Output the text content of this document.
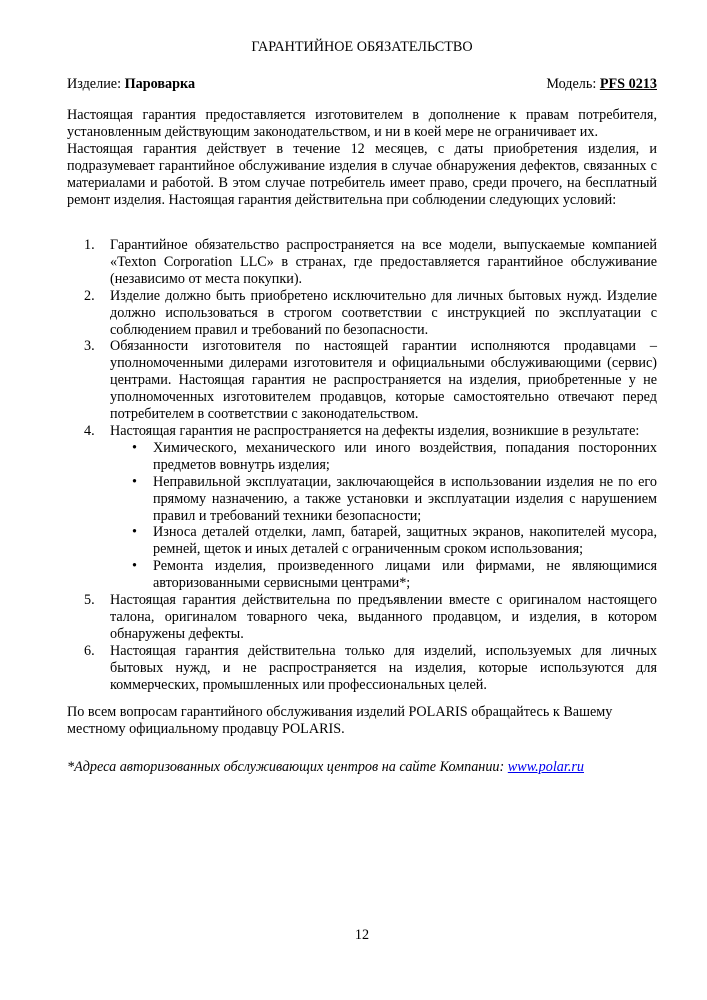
ГАРАНТИЙНОЕ ОБЯЗАТЕЛЬСТВО
Изделие: Пароварка	Модель: PFS 0213
Настоящая гарантия предоставляется изготовителем в дополнение к правам потребителя, установленным действующим законодательством, и ни в коей мере не ограничивает их.
Настоящая гарантия действует в течение 12 месяцев, с даты приобретения изделия, и подразумевает гарантийное обслуживание изделия в случае обнаружения дефектов, связанных с материалами и работой. В этом случае потребитель имеет право, среди прочего, на бесплатный ремонт изделия. Настоящая гарантия действительна при соблюдении следующих условий:
1. Гарантийное обязательство распространяется на все модели, выпускаемые компанией «Texton Corporation LLC» в странах, где предоставляется гарантийное обслуживание (независимо от места покупки).
2. Изделие должно быть приобретено исключительно для личных бытовых нужд. Изделие должно использоваться в строгом соответствии с инструкцией по эксплуатации с соблюдением правил и требований по безопасности.
3. Обязанности изготовителя по настоящей гарантии исполняются продавцами – уполномоченными дилерами изготовителя и официальными обслуживающими (сервис) центрами. Настоящая гарантия не распространяется на изделия, приобретенные у не уполномоченных изготовителем продавцов, которые самостоятельно отвечают перед потребителем в соответствии с законодательством.
4. Настоящая гарантия не распространяется на дефекты изделия, возникшие в результате:
• Химического, механического или иного воздействия, попадания посторонних предметов вовнутрь изделия;
• Неправильной эксплуатации, заключающейся в использовании изделия не по его прямому назначению, а также установки и эксплуатации изделия с нарушением правил и требований техники безопасности;
• Износа деталей отделки, ламп, батарей, защитных экранов, накопителей мусора, ремней, щеток и иных деталей с ограниченным сроком использования;
• Ремонта изделия, произведенного лицами или фирмами, не являющимися авторизованными сервисными центрами*;
5. Настоящая гарантия действительна по предъявлении вместе с оригиналом настоящего талона, оригиналом товарного чека, выданного продавцом, и изделия, в котором обнаружены дефекты.
6. Настоящая гарантия действительна только для изделий, используемых для личных бытовых нужд, и не распространяется на изделия, которые используются для коммерческих, промышленных или профессиональных целей.
По всем вопросам гарантийного обслуживания изделий POLARIS обращайтесь к Вашему местному официальному продавцу POLARIS.
*Адреса авторизованных обслуживающих центров на сайте Компании: www.polar.ru
12
